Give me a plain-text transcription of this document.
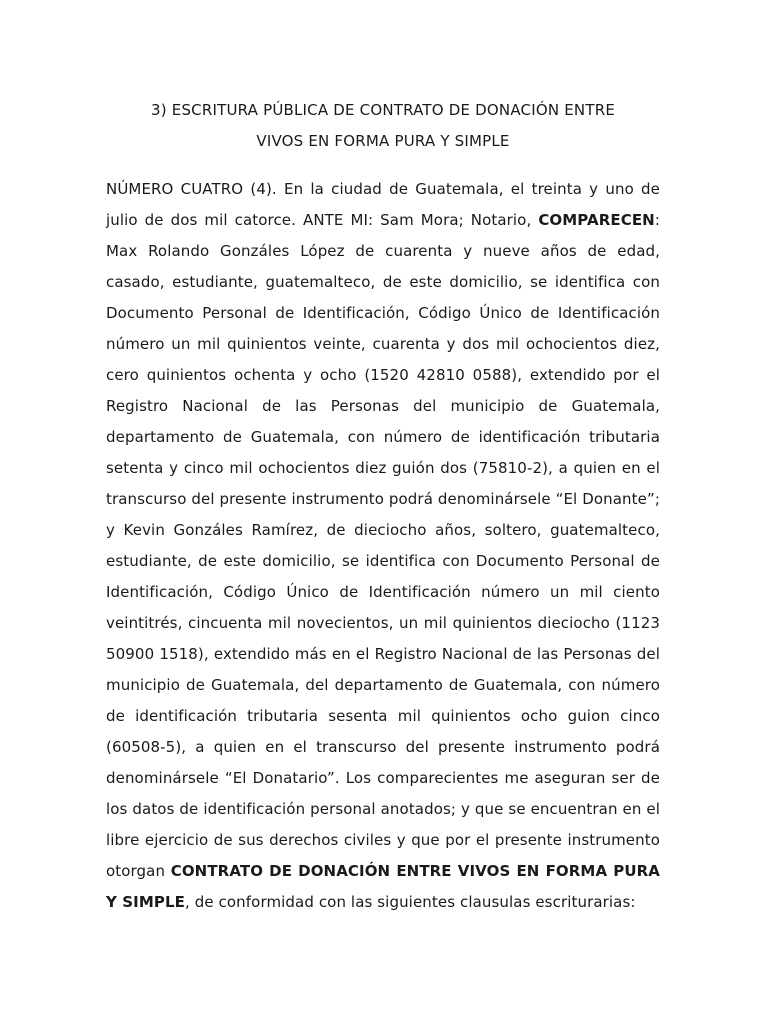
3) ESCRITURA PÚBLICA DE CONTRATO DE DONACIÓN ENTRE
VIVOS EN FORMA PURA Y SIMPLE

NÚMERO CUATRO (4). En la ciudad de Guatemala, el treinta y uno de julio de dos mil catorce. ANTE MI: Sam Mora; Notario, COMPARECEN: Max Rolando Gonzáles López de cuarenta y nueve años de edad, casado, estudiante, guatemalteco, de este domicilio, se identifica con Documento Personal de Identificación, Código Único de Identificación número un mil quinientos veinte, cuarenta y dos mil ochocientos diez, cero quinientos ochenta y ocho (1520 42810 0588), extendido por el Registro Nacional de las Personas del municipio de Guatemala, departamento de Guatemala, con número de identificación tributaria setenta y cinco mil ochocientos diez guión dos (75810-2), a quien en el transcurso del presente instrumento podrá denominársele “El Donante”; y Kevin Gonzáles Ramírez, de dieciocho años, soltero, guatemalteco, estudiante, de este domicilio, se identifica con Documento Personal de Identificación, Código Único de Identificación número un mil ciento veintitrés, cincuenta mil novecientos, un mil quinientos dieciocho (1123 50900 1518), extendido más en el Registro Nacional de las Personas del municipio de Guatemala, del departamento de Guatemala, con número de identificación tributaria sesenta mil quinientos ocho guion cinco (60508-5), a quien en el transcurso del presente instrumento podrá denominársele “El Donatario”. Los comparecientes me aseguran ser de los datos de identificación personal anotados; y que se encuentran en el libre ejercicio de sus derechos civiles y que por el presente instrumento otorgan CONTRATO DE DONACIÓN ENTRE VIVOS EN FORMA PURA Y SIMPLE, de conformidad con las siguientes clausulas escriturarias:
